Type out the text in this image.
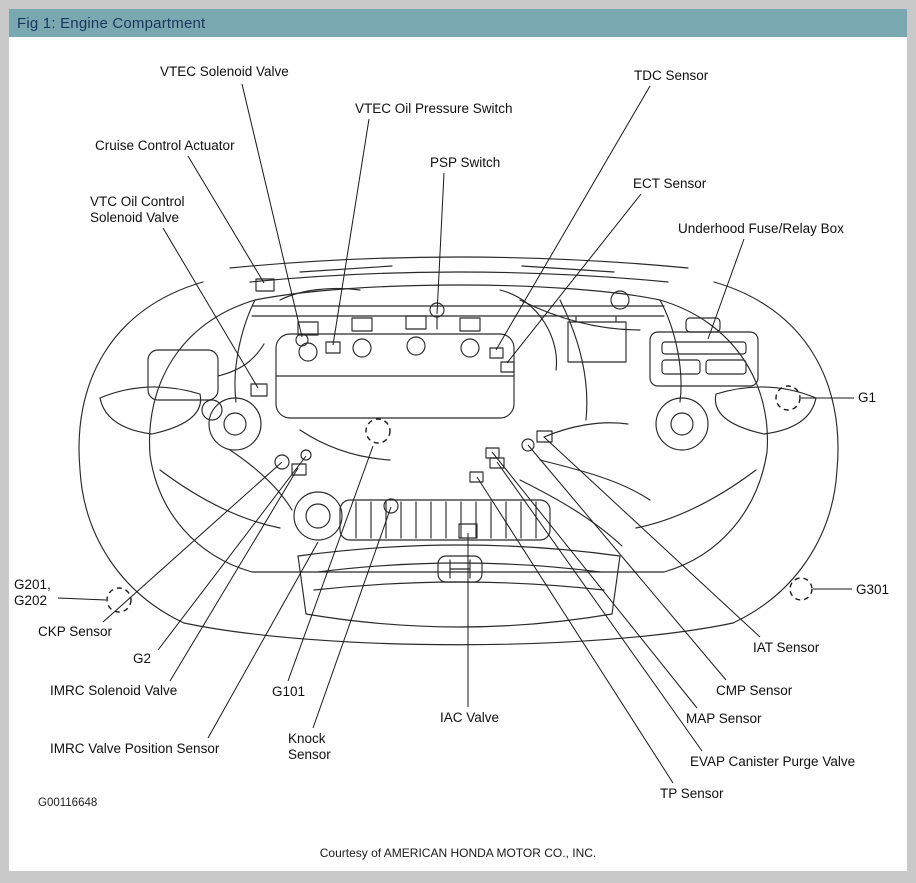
Fig 1: Engine Compartment
VTEC Solenoid Valve
VTEC Oil Pressure Switch
TDC Sensor
Cruise Control Actuator
PSP Switch
ECT Sensor
VTC Oil Control
Solenoid Valve
Underhood Fuse/Relay Box
G1
G201,
G202
G301
CKP Sensor
G2
IMRC Solenoid Valve	G101
IAT Sensor
CMP Sensor
MAP Sensor
IMRC Valve Position Sensor
Knock
Sensor
IAC Valve
EVAP Canister Purge Valve
TP Sensor
G00116648
Courtesy of AMERICAN HONDA MOTOR CO., INC.
